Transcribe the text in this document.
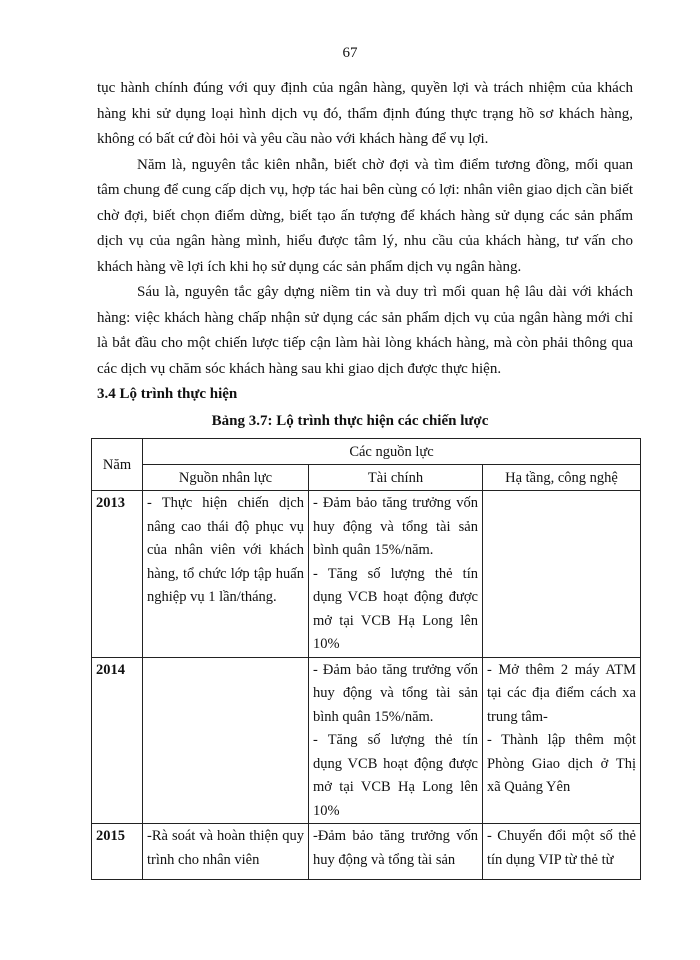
67

tục hành chính đúng với quy định của ngân hàng, quyền lợi và trách nhiệm của khách hàng khi sử dụng loại hình dịch vụ đó, thẩm định đúng thực trạng hồ sơ khách hàng, không có bất cứ đòi hỏi và yêu cầu nào với khách hàng để vụ lợi.

Năm là, nguyên tắc kiên nhẫn, biết chờ đợi và tìm điểm tương đồng, mối quan tâm chung để cung cấp dịch vụ, hợp tác hai bên cùng có lợi: nhân viên giao dịch cần biết chờ đợi, biết chọn điểm dừng, biết tạo ấn tượng để khách hàng sử dụng các sản phẩm dịch vụ của ngân hàng mình, hiểu được tâm lý, nhu cầu của khách hàng, tư vấn cho khách hàng về lợi ích khi họ sử dụng các sản phẩm dịch vụ ngân hàng.

Sáu là, nguyên tắc gây dựng niềm tin và duy trì mối quan hệ lâu dài với khách hàng: việc khách hàng chấp nhận sử dụng các sản phẩm dịch vụ của ngân hàng mới chỉ là bắt đầu cho một chiến lược tiếp cận làm hài lòng khách hàng, mà còn phải thông qua các dịch vụ chăm sóc khách hàng sau khi giao dịch được thực hiện.

3.4 Lộ trình thực hiện
Bảng 3.7: Lộ trình thực hiện các chiến lược
Năm	Các nguồn lực		
	Nguồn nhân lực	Tài chính	Hạ tầng, công nghệ
2013	- Thực hiện chiến dịch nâng cao thái độ phục vụ của nhân viên với khách hàng, tổ chức lớp tập huấn nghiệp vụ 1 lần/tháng.	- Đảm bảo tăng trưởng vốn huy động và tổng tài sản bình quân 15%/năm.
- Tăng số lượng thẻ tín dụng VCB hoạt động được mở tại VCB Hạ Long lên 10%	

2014		- Đảm bảo tăng trưởng vốn huy động và tổng tài sản bình quân 15%/năm.
- Tăng số lượng thẻ tín dụng VCB hoạt động được mở tại VCB Hạ Long lên 10%	- Mở thêm 2 máy ATM tại các địa điểm cách xa trung tâm-
- Thành lập thêm một Phòng Giao dịch ở Thị xã Quảng Yên

2015	-Rà soát và hoàn thiện quy trình cho nhân viên	-Đảm bảo tăng trưởng vốn huy động và tổng tài sản	- Chuyển đổi một số thẻ tín dụng VIP từ thẻ từ
